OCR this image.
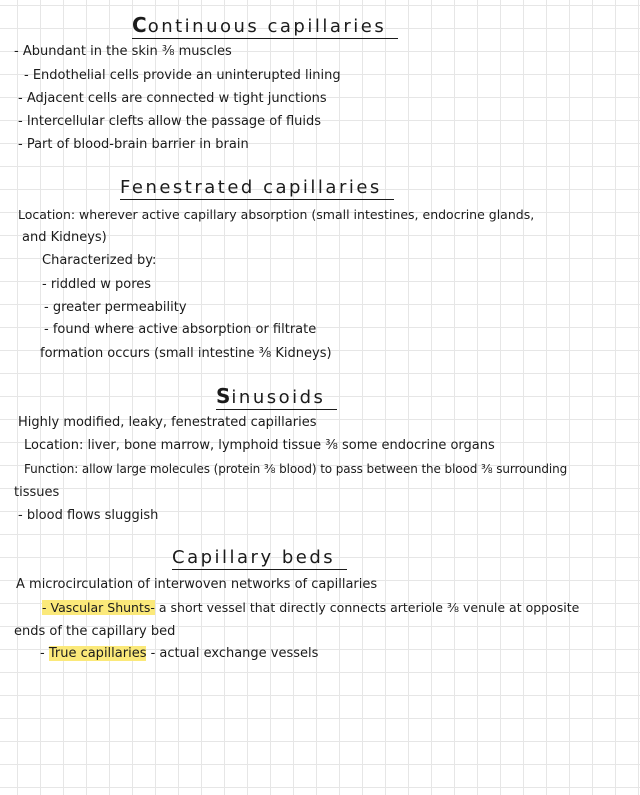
Continuous capillaries
- Abundant in the skin ⅜ muscles
- Endothelial cells provide an uninterupted lining
- Adjacent cells are connected w tight junctions
- Intercellular clefts allow the passage of fluids
- Part of blood-brain barrier in brain
Fenestrated capillaries
Location: wherever active capillary absorption (small intestines, endocrine glands,
and Kidneys)
Characterized by:
- riddled w pores
- greater permeability
- found where active absorption or filtrate
formation occurs (small intestine ⅜ Kidneys)
Sinusoids
Highly modified, leaky, fenestrated capillaries
Location: liver, bone marrow, lymphoid tissue ⅜ some endocrine organs
Function: allow large molecules (protein ⅜ blood) to pass between the blood ⅜ surrounding
tissues
- blood flows sluggish
Capillary beds
A microcirculation of interwoven networks of capillaries
- Vascular Shunts- a short vessel that directly connects arteriole ⅜ venule at opposite
ends of the capillary bed
- True capillaries - actual exchange vessels
